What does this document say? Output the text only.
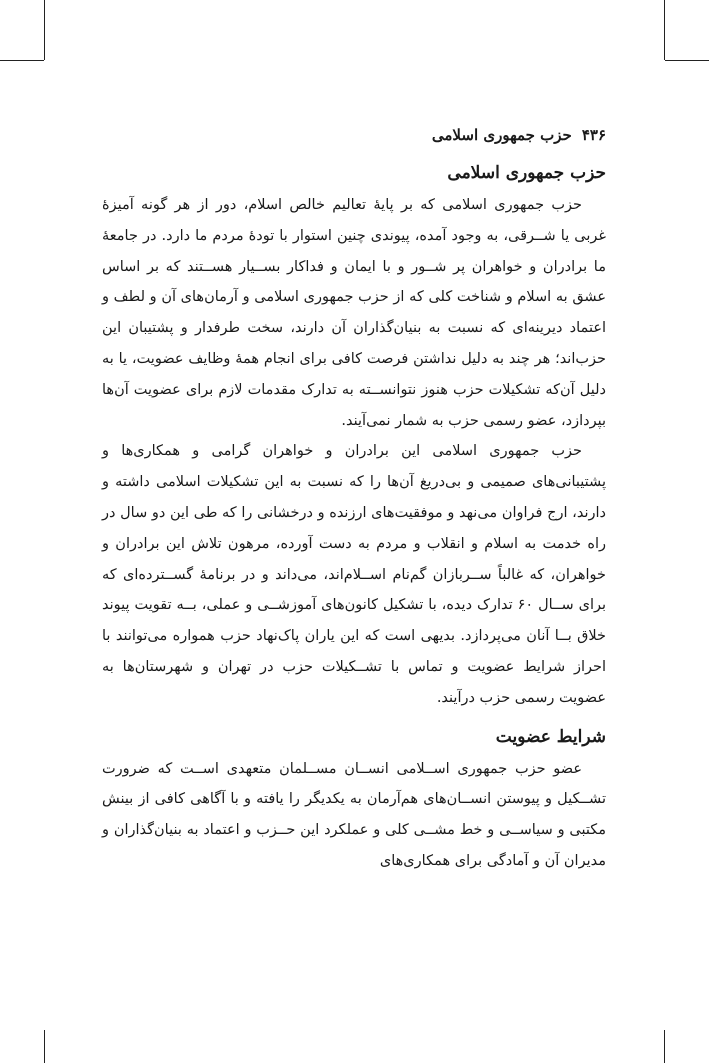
۴۳۶حزب جمهوری اسلامی
حزب جمهوری اسلامی

حزب جمهوری اسلامی که بر پایهٔ تعالیم خالص اسلام، دور از هر گونه آمیزهٔ غربی یا شــرقی، به وجود آمده، پیوندی چنین استوار با تودهٔ مردم ما دارد. در جامعهٔ ما برادران و خواهران پر شــور و با ایمان و فداکار بســیار هســتند که بر اساس عشق به اسلام و شناخت کلی که از حزب جمهوری اسلامی و آرمان‌های آن و لطف و اعتماد دیرینه‌ای که نسبت به بنیان‌گذاران آن دارند، سخت طرفدار و پشتیبان این حزب‌اند؛ هر چند به دلیل نداشتن فرصت کافی برای انجام همهٔ وظایف عضویت، یا به دلیل آن‌که تشکیلات حزب هنوز نتوانســته به تدارک مقدمات لازم برای عضویت آن‌ها بپردازد، عضو رسمی حزب به شمار نمی‌آیند.

حزب جمهوری اسلامی این برادران و خواهران گرامی و همکاری‌ها و پشتیبانی‌های صمیمی و بی‌دریغ آن‌ها را که نسبت به این تشکیلات اسلامی داشته و دارند، ارج فراوان می‌نهد و موفقیت‌های ارزنده و درخشانی را که طی این دو سال در راه خدمت به اسلام و انقلاب و مردم به دست آورده، مرهون تلاش این برادران و خواهران، که غالباً ســربازان گم‌نام اســلام‌اند، می‌داند و در برنامهٔ گســترده‌ای که برای ســال ۶۰ تدارک دیده، با تشکیل کانون‌های آموزشــی و عملی، بــه تقویت پیوند خلاق بــا آنان می‌پردازد. بدیهی است که این یاران پاک‌نهاد حزب همواره می‌توانند با احراز شرایط عضویت و تماس با تشــکیلات حزب در تهران و شهرستان‌ها به عضویت رسمی حزب درآیند.

شرایط عضویت

عضو حزب جمهوری اســلامی انســان مســلمان متعهدی اســت که ضرورت تشــکیل و پیوستن انســان‌های هم‌آرمان به یکدیگر را یافته و با آگاهی کافی از بینش مکتبی و سیاســی و خط مشــی کلی و عملکرد این حــزب و اعتماد به بنیان‌گذاران و مدیران آن و آمادگی برای همکاری‌های
